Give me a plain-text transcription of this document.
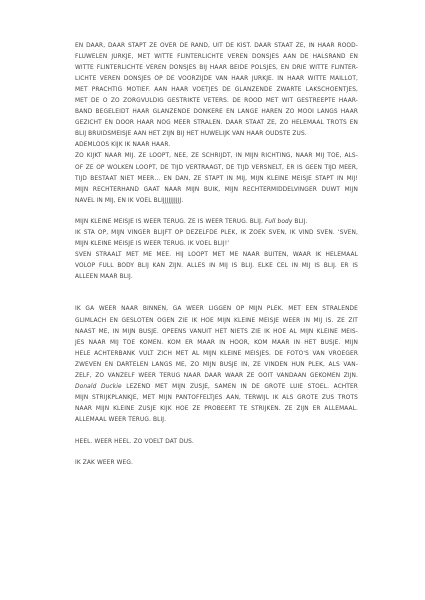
EN DAAR, DAAR STAPT ZE OVER DE RAND, UIT DE KIST. DAAR STAAT ZE, IN HAAR ROOD-
FLUWELEN JURKJE, MET WITTE FLINTERLICHTE VEREN DONSJES AAN DE HALSRAND EN
WITTE FLINTERLICHTE VEREN DONSJES BIJ HAAR BEIDE POLSJES, EN DRIE WITTE FLINTER-
LICHTE VEREN DONSJES OP DE VOORZIJDE VAN HAAR JURKJE. IN HAAR WITTE MAILLOT,
MET PRACHTIG MOTIEF. AAN HAAR VOETJES DE GLANZENDE ZWARTE LAKSCHOENTJES,
MET DE O ZO ZORGVULDIG GESTRIKTE VETERS. DE ROOD MET WIT GESTREEPTE HAAR-
BAND BEGELEIDT HAAR GLANZENDE DONKERE EN LANGE HAREN ZO MOOI LANGS HAAR
GEZICHT EN DOOR HAAR NOG MEER STRALEN. DAAR STAAT ZE, ZO HELEMAAL TROTS EN
BLIJ BRUIDSMEISJE AAN HET ZIJN BIJ HET HUWELIJK VAN HAAR OUDSTE ZUS.
ADEMLOOS KIJK IK NAAR HAAR.

ZO KIJKT NAAR MIJ. ZE LOOPT, NEE, ZE SCHRIJDT, IN MIJN RICHTING, NAAR MIJ TOE, ALS-
OF ZE OP WOLKEN LOOPT, DE TIJD VERTRAAGT, DE TIJD VERSNELT, ER IS GEEN TIJD MEER,
TIJD BESTAAT NIET MEER… EN DAN, ZE STAPT IN MIJ, MIJN KLEINE MEISJE STAPT IN MIJ!
MIJN RECHTERHAND GAAT NAAR MIJN BUIK, MIJN RECHTERMIDDELVINGER DUWT MIJN
NAVEL IN MIJ, EN IK VOEL BLIJJJJJJJJJJ.

MIJN KLEINE MEISJE IS WEER TERUG. ZE IS WEER TERUG. BLIJ. Full body BLIJ.
IK STA OP, MIJN VINGER BLIJFT OP DEZELFDE PLEK, IK ZOEK SVEN, IK VIND SVEN. ‘SVEN,
MIJN KLEINE MEISJE IS WEER TERUG. IK VOEL BLIJ!’
SVEN STRAALT MET ME MEE. HIJ LOOPT MET ME NAAR BUITEN, WAAR IK HELEMAAL
VOLOP FULL BODY BLIJ KAN ZIJN. ALLES IN MIJ IS BLIJ. ELKE CEL IN MIJ IS BLIJ. ER IS
ALLEEN MAAR BLIJ.

IK GA WEER NAAR BINNEN, GA WEER LIGGEN OP MIJN PLEK. MET EEN STRALENDE
GLIMLACH EN GESLOTEN OGEN ZIE IK HOE MIJN KLEINE MEISJE WEER IN MIJ IS. ZE ZIT
NAAST ME, IN MIJN BUSJE. OPEENS VANUIT HET NIETS ZIE IK HOE AL MIJN KLEINE MEIS-
JES NAAR MIJ TOE KOMEN. KOM ER MAAR IN HOOR, KOM MAAR IN HET BUSJE. MIJN
HELE ACHTERBANK VULT ZICH MET AL MIJN KLEINE MEISJES. DE FOTO'S VAN VROEGER
ZWEVEN EN DARTELEN LANGS ME, ZO MIJN BUSJE IN, ZE VINDEN HUN PLEK, ALS VAN-
ZELF, ZO VANZELF WEER TERUG NAAR DAAR WAAR ZE OOIT VANDAAN GEKOMEN ZIJN.
Donald Duckie LEZEND MET MIJN ZUSJE, SAMEN IN DE GROTE LUIE STOEL. ACHTER
MIJN STRIJKPLANKJE, MET MIJN PANTOFFELTJES AAN, TERWIJL IK ALS GROTE ZUS TROTS
NAAR MIJN KLEINE ZUSJE KIJK HOE ZE PROBEERT TE STRIJKEN. ZE ZIJN ER ALLEMAAL.
ALLEMAAL WEER TERUG. BLIJ.

HEEL. WEER HEEL. ZO VOELT DAT DUS.

IK ZAK WEER WEG.
